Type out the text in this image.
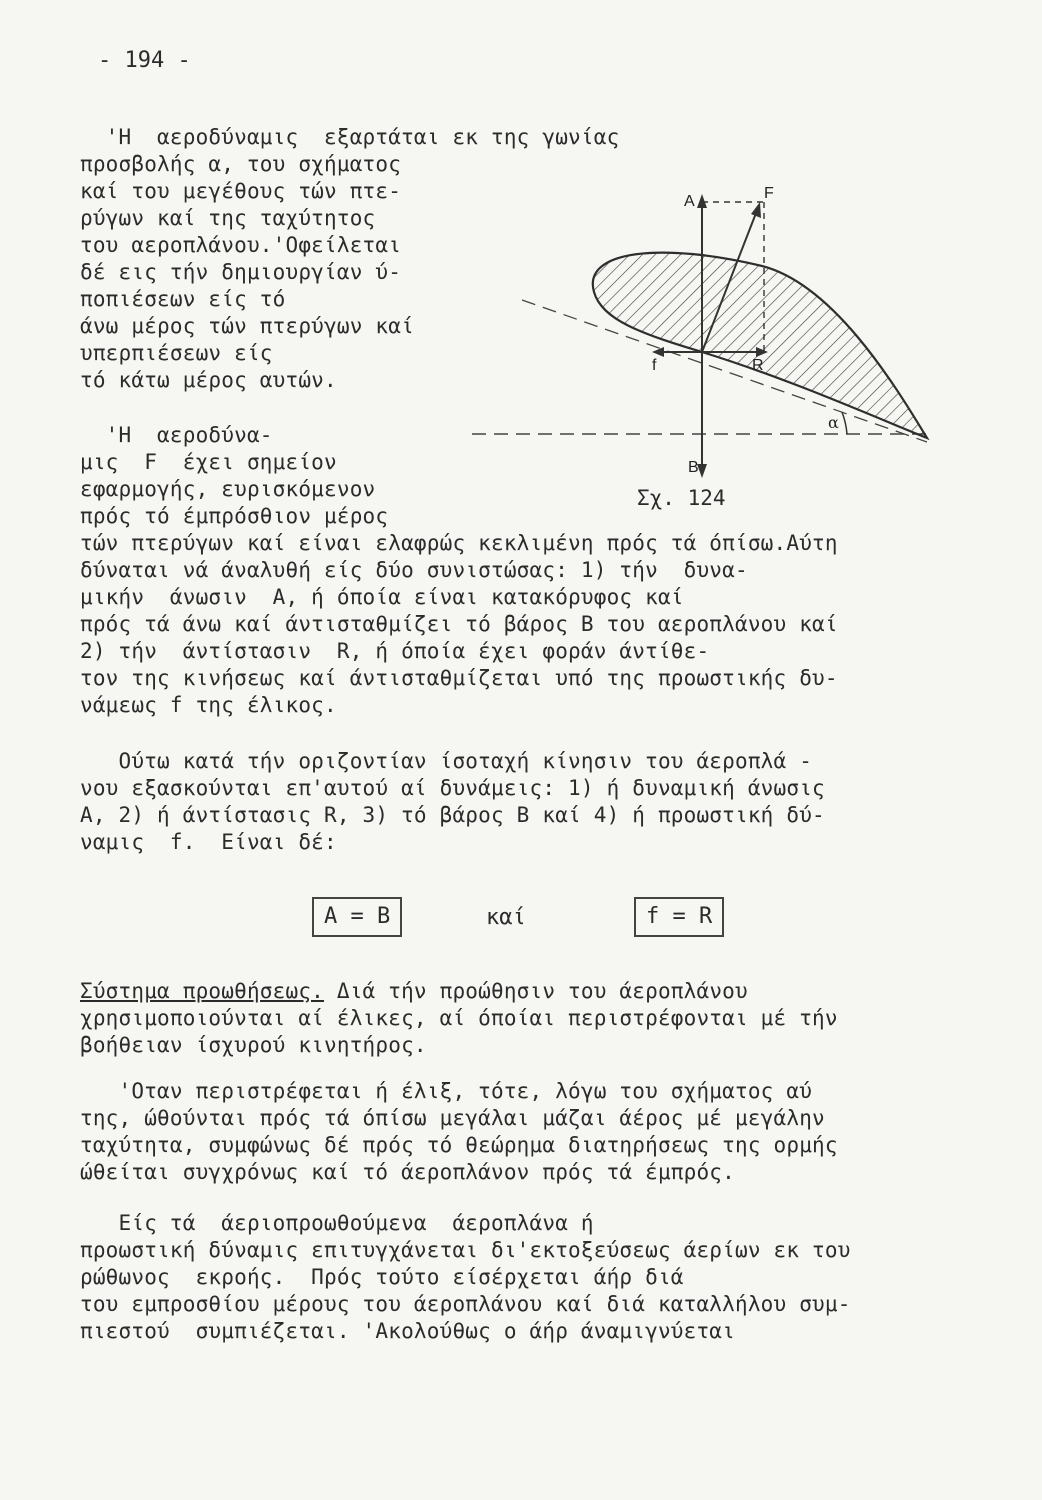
- 194 -
'Η  αεροδύναμις  εξαρτάται εκ της γωνίας
προσβολής α, του σχήματος
καί του μεγέθους τών πτε-
ρύγων καί της ταχύτητος
του αεροπλάνου.'Οφείλεται
δέ εις τήν δημιουργίαν ύ-
ποπιέσεων είς τό
άνω μέρος τών πτερύγων καί
υπερπιέσεων είς
τό κάτω μέρος αυτών.
'Η  αεροδύνα-
μις  F  έχει σημείον
εφαρμογής, ευρισκόμενον
πρός τό έμπρόσθιον μέρος
τών πτερύγων καί είναι ελαφρώς κεκλιμένη πρός τά όπίσω.Αύτη
δύναται νά άναλυθή είς δύο συνιστώσας: 1) τήν  δυνα-
μικήν  άνωσιν  Α, ή όποία είναι κατακόρυφος καί
πρός τά άνω καί άντισταθμίζει τό βάρος Β του αεροπλάνου καί
2) τήν  άντίστασιν  R, ή όποία έχει φοράν άντίθε-
τον της κινήσεως καί άντισταθμίζεται υπό της προωστικής δυ-
νάμεως f της έλικος.
Ούτω κατά τήν οριζοντίαν ίσοταχή κίνησιν του άεροπλά -
νου εξασκούνται επ'αυτού αί δυνάμεις: 1) ή δυναμική άνωσις
Α, 2) ή άντίστασις R, 3) τό βάρος Β καί 4) ή προωστική δύ-
ναμις  f.  Είναι δέ:
A = B	καί	f = R
Σύστημα προωθήσεως. Διά τήν προώθησιν του άεροπλάνου
χρησιμοποιούνται αί έλικες, αί όποίαι περιστρέφονται μέ τήν
βοήθειαν ίσχυρού κινητήρος.
'Οταν περιστρέφεται ή έλιξ, τότε, λόγω του σχήματος αύ
της, ώθούνται πρός τά όπίσω μεγάλαι μάζαι άέρος μέ μεγάλην
ταχύτητα, συμφώνως δέ πρός τό θεώρημα διατηρήσεως της ορμής
ώθείται συγχρόνως καί τό άεροπλάνον πρός τά έμπρός.
Είς τά  άεριοπροωθούμενα  άεροπλάνα ή
προωστική δύναμις επιτυγχάνεται δι'εκτοξεύσεως άερίων εκ του
ρώθωνος  εκροής.  Πρός τούτο είσέρχεται άήρ διά
του εμπροσθίου μέρους του άεροπλάνου καί διά καταλλήλου συμ-
πιεστού  συμπιέζεται. 'Ακολούθως ο άήρ άναμιγνύεται
A	F
f	R
B
α
Σχ. 124
